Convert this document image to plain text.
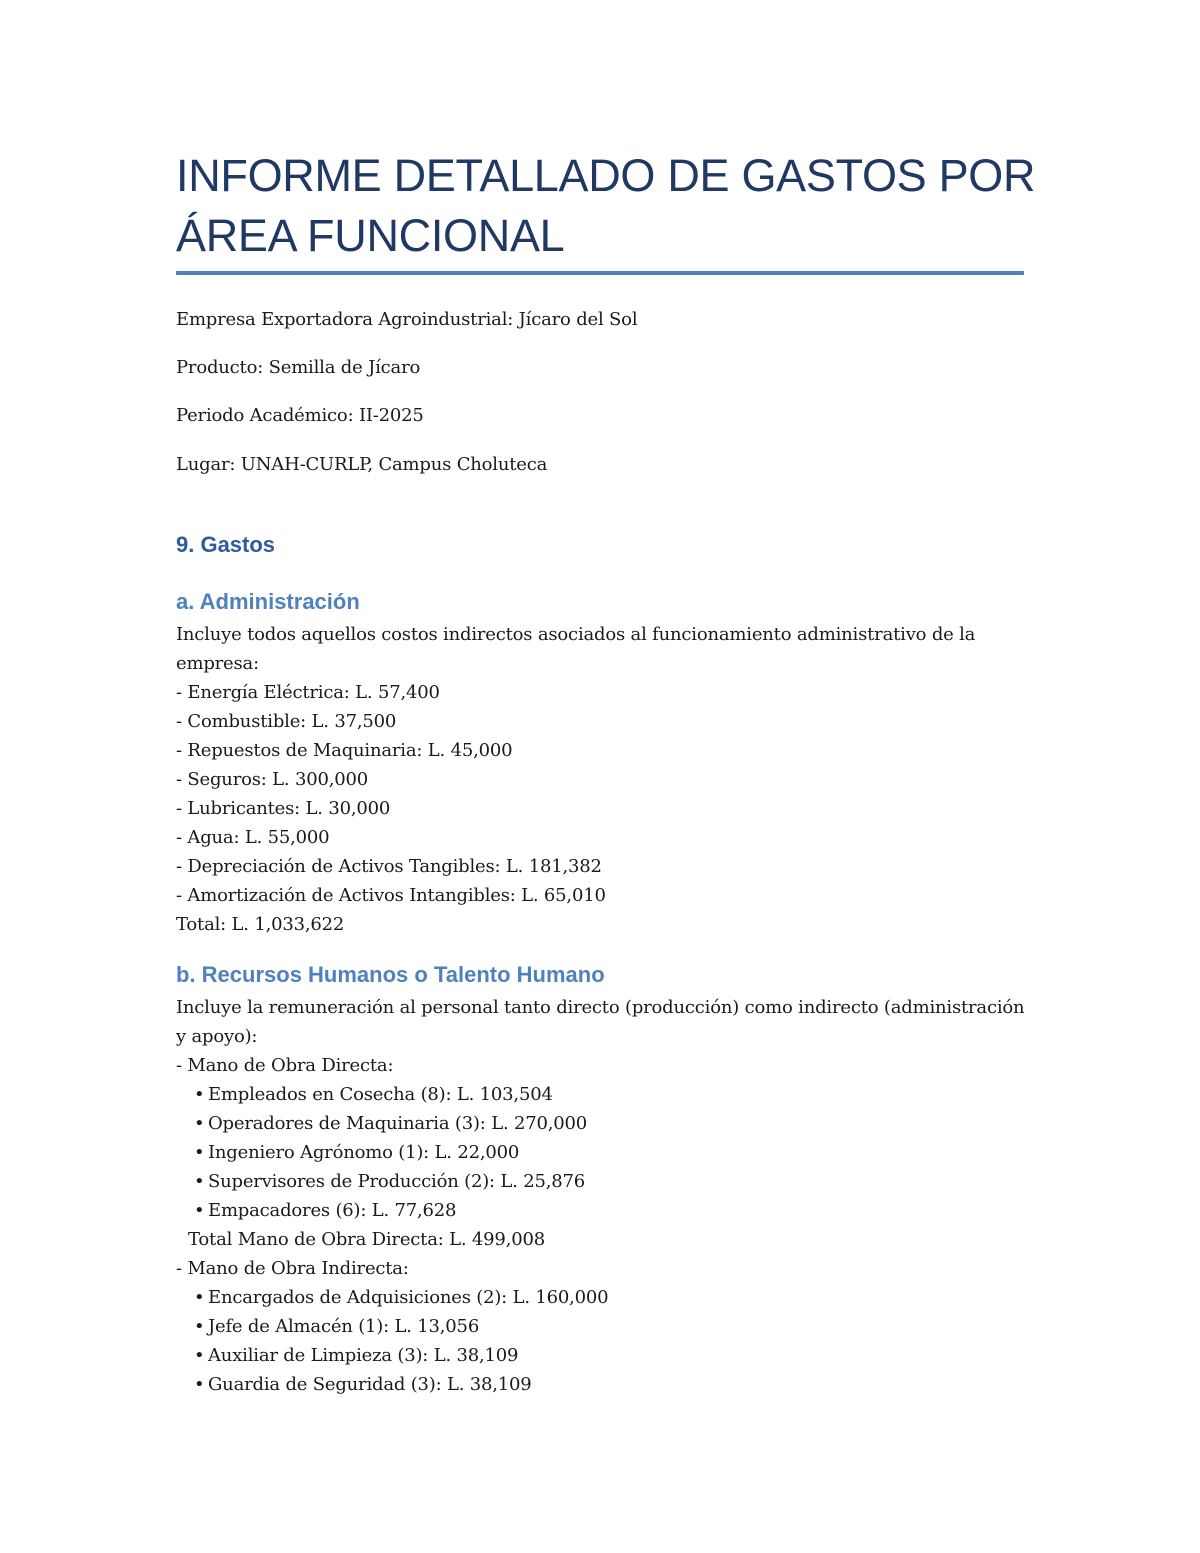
INFORME DETALLADO DE GASTOS POR ÁREA FUNCIONAL

Empresa Exportadora Agroindustrial: Jícaro del Sol

Producto: Semilla de Jícaro

Periodo Académico: II-2025

Lugar: UNAH-CURLP, Campus Choluteca

9. Gastos
a. Administración

Incluye todos aquellos costos indirectos asociados al funcionamiento administrativo de la empresa:

- Energía Eléctrica: L. 57,400

- Combustible: L. 37,500

- Repuestos de Maquinaria: L. 45,000

- Seguros: L. 300,000

- Lubricantes: L. 30,000

- Agua: L. 55,000

- Depreciación de Activos Tangibles: L. 181,382

- Amortización de Activos Intangibles: L. 65,010

Total: L. 1,033,622

b. Recursos Humanos o Talento Humano

Incluye la remuneración al personal tanto directo (producción) como indirecto (administración y apoyo):

- Mano de Obra Directa:

• Empleados en Cosecha (8): L. 103,504

• Operadores de Maquinaria (3): L. 270,000

• Ingeniero Agrónomo (1): L. 22,000

• Supervisores de Producción (2): L. 25,876

• Empacadores (6): L. 77,628

Total Mano de Obra Directa: L. 499,008

- Mano de Obra Indirecta:

• Encargados de Adquisiciones (2): L. 160,000

• Jefe de Almacén (1): L. 13,056

• Auxiliar de Limpieza (3): L. 38,109

• Guardia de Seguridad (3): L. 38,109
